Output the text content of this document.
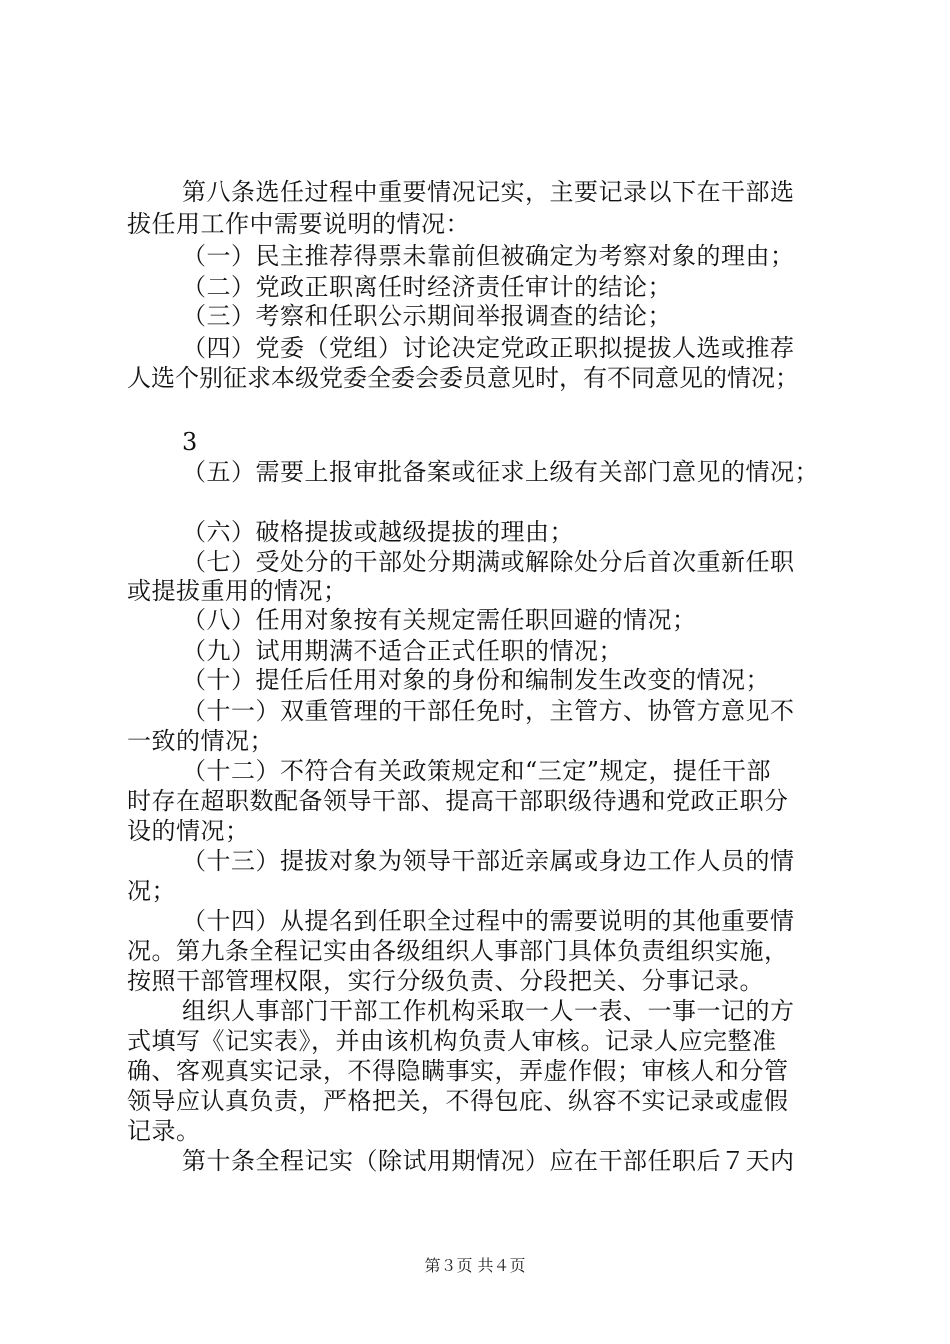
第八条选任过程中重要情况记实，主要记录以下在干部选
拔任用工作中需要说明的情况：
（一）民主推荐得票未靠前但被确定为考察对象的理由；
（二）党政正职离任时经济责任审计的结论；
（三）考察和任职公示期间举报调查的结论；
（四）党委（党组）讨论决定党政正职拟提拔人选或推荐
人选个别征求本级党委全委会委员意见时，有不同意见的情况；
3
（五）需要上报审批备案或征求上级有关部门意见的情况；
（六）破格提拔或越级提拔的理由；
（七）受处分的干部处分期满或解除处分后首次重新任职
或提拔重用的情况；
（八）任用对象按有关规定需任职回避的情况；
（九）试用期满不适合正式任职的情况；
（十）提任后任用对象的身份和编制发生改变的情况；
（十一）双重管理的干部任免时，主管方、协管方意见不
一致的情况；
（十二）不符合有关政策规定和“三定”规定，提任干部
时存在超职数配备领导干部、提高干部职级待遇和党政正职分
设的情况；
（十三）提拔对象为领导干部近亲属或身边工作人员的情
况；
（十四）从提名到任职全过程中的需要说明的其他重要情
况。第九条全程记实由各级组织人事部门具体负责组织实施，
按照干部管理权限，实行分级负责、分段把关、分事记录。
组织人事部门干部工作机构采取一人一表、一事一记的方
式填写《记实表》，并由该机构负责人审核。记录人应完整准
确、客观真实记录，不得隐瞒事实，弄虚作假；审核人和分管
领导应认真负责，严格把关，不得包庇、纵容不实记录或虚假
记录。
第十条全程记实（除试用期情况）应在干部任职后７天内
第３页 共４页
